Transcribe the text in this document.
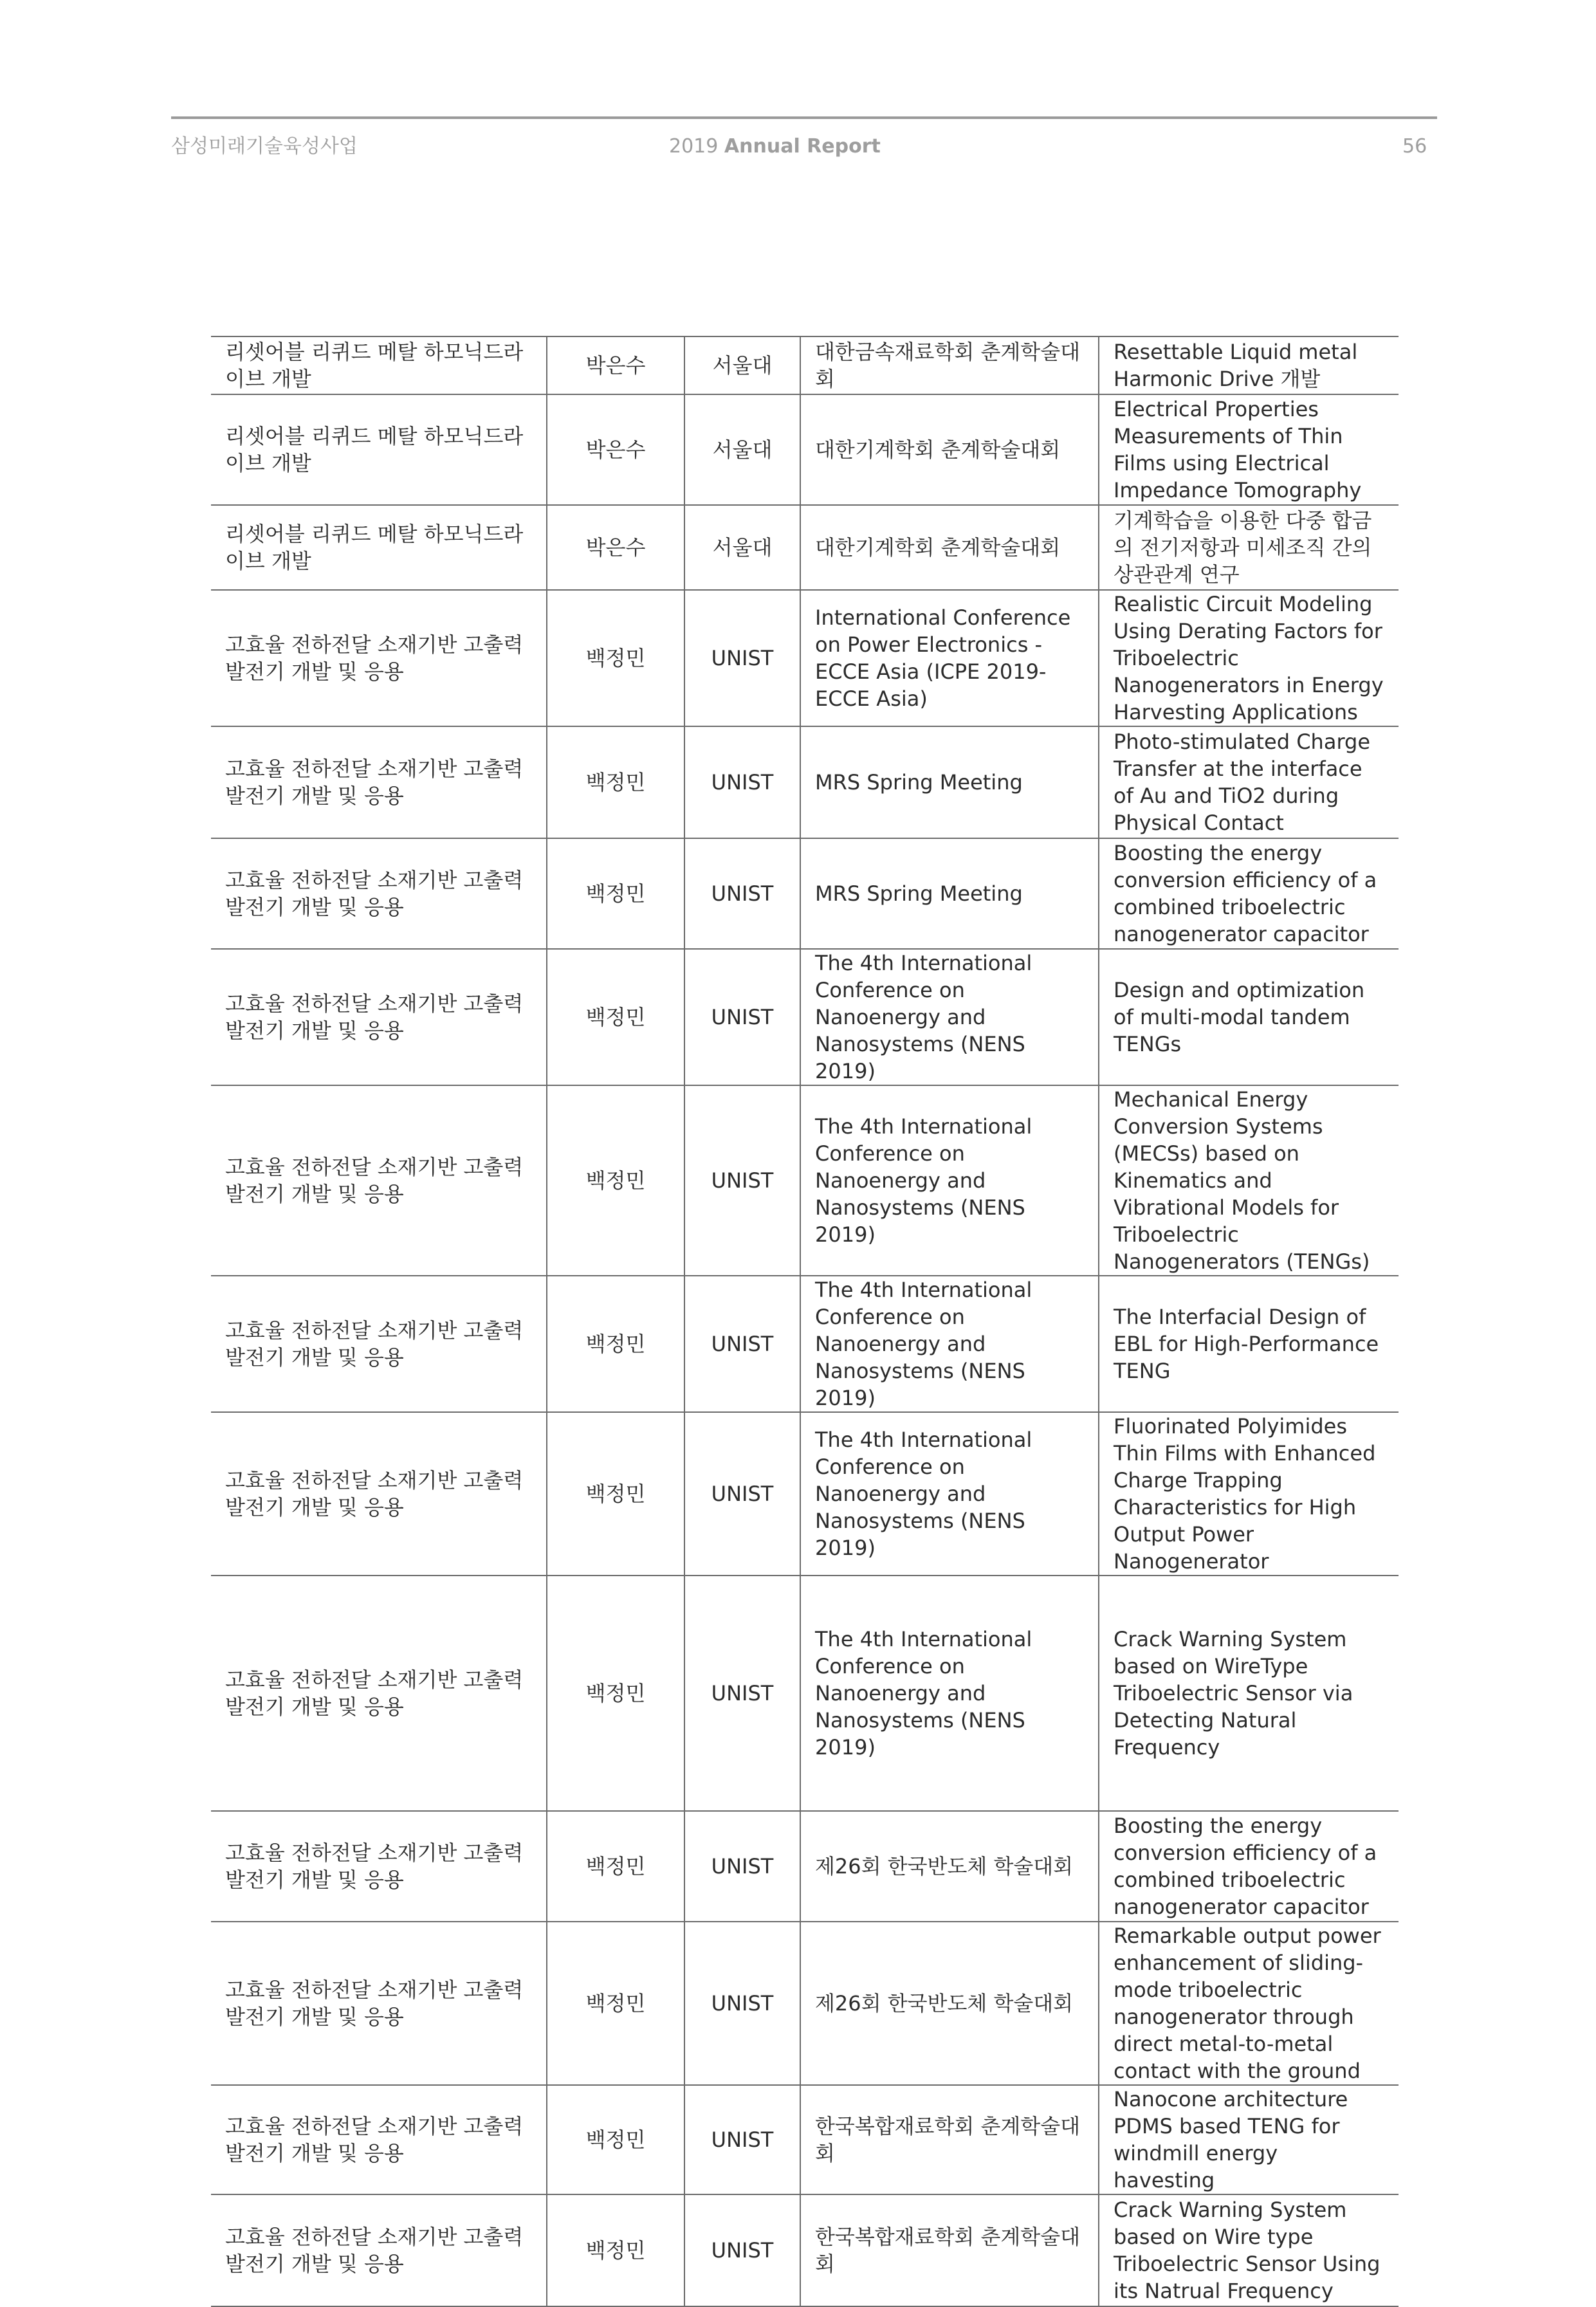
삼성미래기술육성사업	2019 Annual Report	56
리셋어블 리퀴드 메탈 하모닉드라이브 개발	박은수	서울대	대한금속재료학회 춘계학술대회	Resettable Liquid metal Harmonic Drive 개발
리셋어블 리퀴드 메탈 하모닉드라이브 개발	박은수	서울대	대한기계학회 춘계학술대회	Electrical Properties Measurements of Thin Films using Electrical Impedance Tomography
리셋어블 리퀴드 메탈 하모닉드라이브 개발	박은수	서울대	대한기계학회 춘계학술대회	기계학습을 이용한 다중 합금의 전기저항과 미세조직 간의 상관관계 연구
고효율 전하전달 소재기반 고출력 발전기 개발 및 응용	백정민	UNIST	International Conference on Power Electronics - ECCE Asia (ICPE 2019-ECCE Asia)	Realistic Circuit Modeling Using Derating Factors for Triboelectric Nanogenerators in Energy Harvesting Applications
고효율 전하전달 소재기반 고출력 발전기 개발 및 응용	백정민	UNIST	MRS Spring Meeting	Photo-stimulated Charge Transfer at the interface of Au and TiO2 during Physical Contact
고효율 전하전달 소재기반 고출력 발전기 개발 및 응용	백정민	UNIST	MRS Spring Meeting	Boosting the energy conversion efficiency of a combined triboelectric nanogenerator capacitor
고효율 전하전달 소재기반 고출력 발전기 개발 및 응용	백정민	UNIST	The 4th International Conference on Nanoenergy and Nanosystems (NENS 2019)	Design and optimization of multi-modal tandem TENGs
고효율 전하전달 소재기반 고출력 발전기 개발 및 응용	백정민	UNIST	The 4th International Conference on Nanoenergy and Nanosystems (NENS 2019)	Mechanical Energy Conversion Systems (MECSs) based on Kinematics and Vibrational Models for Triboelectric Nanogenerators (TENGs)
고효율 전하전달 소재기반 고출력 발전기 개발 및 응용	백정민	UNIST	The 4th International Conference on Nanoenergy and Nanosystems (NENS 2019)	The Interfacial Design of EBL for High-Performance TENG
고효율 전하전달 소재기반 고출력 발전기 개발 및 응용	백정민	UNIST	The 4th International Conference on Nanoenergy and Nanosystems (NENS 2019)	Fluorinated Polyimides Thin Films with Enhanced Charge Trapping Characteristics for High Output Power Nanogenerator
고효율 전하전달 소재기반 고출력 발전기 개발 및 응용	백정민	UNIST	The 4th International Conference on Nanoenergy and Nanosystems (NENS 2019)	Crack Warning System based on WireType Triboelectric Sensor via Detecting Natural Frequency
고효율 전하전달 소재기반 고출력 발전기 개발 및 응용	백정민	UNIST	제26회 한국반도체 학술대회	Boosting the energy conversion efficiency of a combined triboelectric nanogenerator capacitor
고효율 전하전달 소재기반 고출력 발전기 개발 및 응용	백정민	UNIST	제26회 한국반도체 학술대회	Remarkable output power enhancement of sliding-mode triboelectric nanogenerator through direct metal-to-metal contact with the ground
고효율 전하전달 소재기반 고출력 발전기 개발 및 응용	백정민	UNIST	한국복합재료학회 춘계학술대회	Nanocone architecture PDMS based TENG for windmill energy havesting
고효율 전하전달 소재기반 고출력 발전기 개발 및 응용	백정민	UNIST	한국복합재료학회 춘계학술대회	Crack Warning System based on Wire type Triboelectric Sensor Using its Natrual Frequency
